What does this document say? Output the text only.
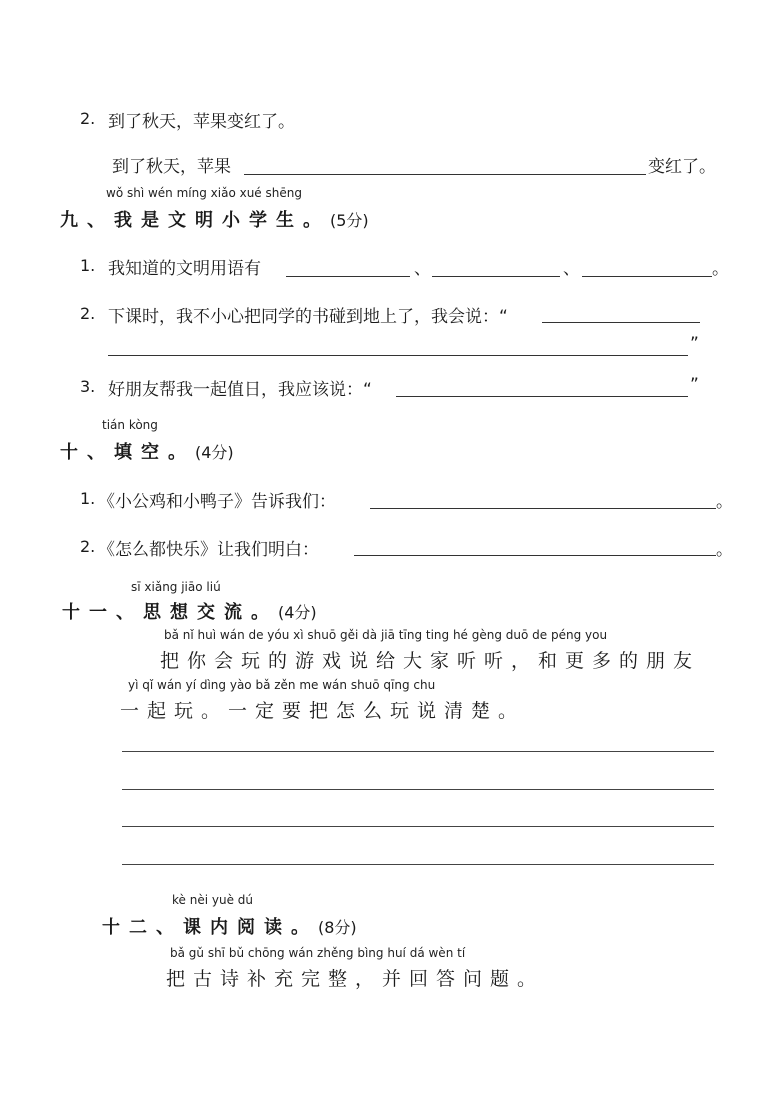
2. 到了秋天，苹果变红了。
到了秋天，苹果	变红了。
wǒ shì wén míng xiǎo xué shēng
九、我是文明小学生。(5分)
1. 我知道的文明用语有	、	、	。
2. 下课时，我不小心把同学的书碰到地上了，我会说：“
”
3. 好朋友帮我一起值日，我应该说：“	”
tián kòng
十、填空。(4分)
1. 《小公鸡和小鸭子》告诉我们：	。
2. 《怎么都快乐》让我们明白：	。
sī xiǎng jiāo liú
十一、思想交流。(4分)
bǎ nǐ huì wán de yóu xì shuō gěi dà jiā tīng ting hé gèng duō de péng you
把你会玩的游戏说给大家听听，和更多的朋友
yì qǐ wán yí dìng yào bǎ zěn me wán shuō qīng chu
一起玩。一定要把怎么玩说清楚。
kè nèi yuè dú
十二、课内阅读。(8分)
bǎ gǔ shī bǔ chōng wán zhěng bìng huí dá wèn tí
把古诗补充完整，并回答问题。
